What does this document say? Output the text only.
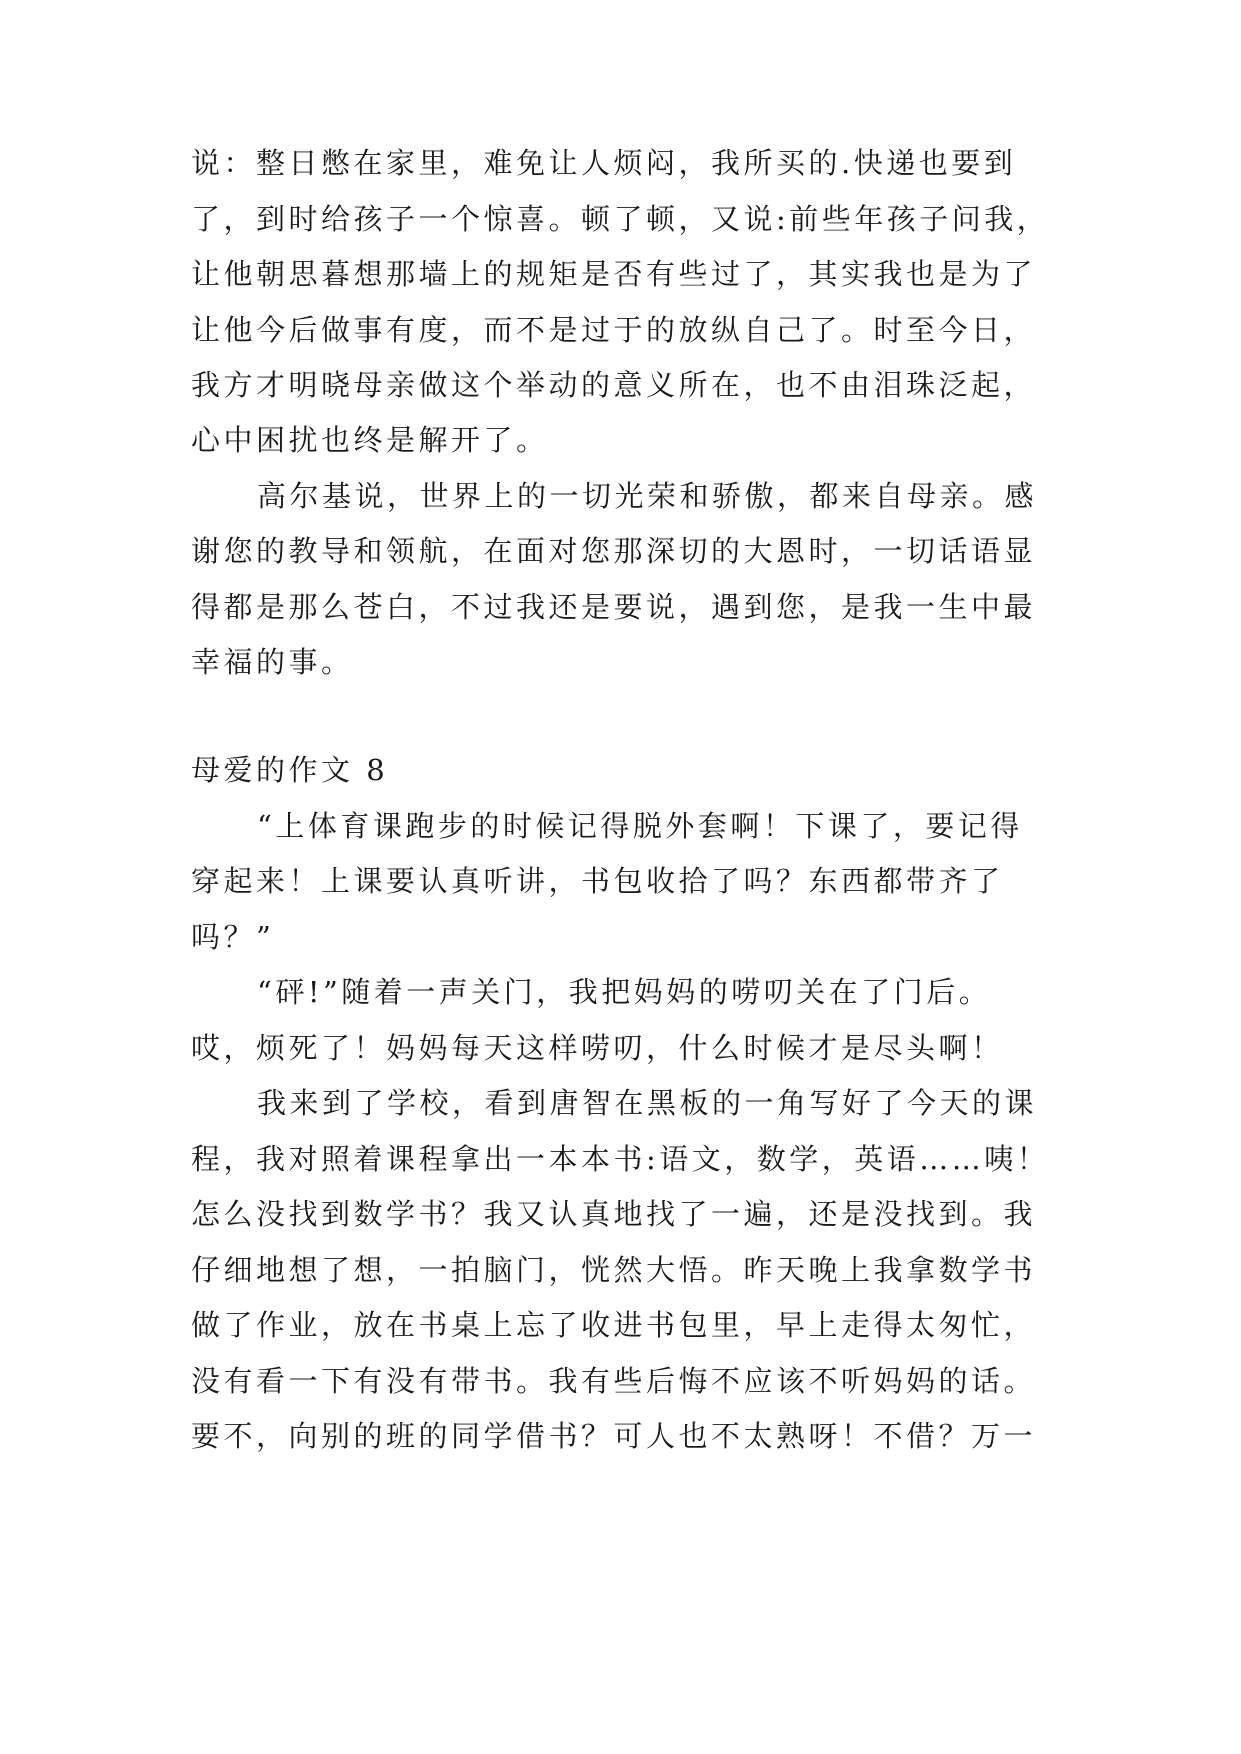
说：整日憋在家里，难免让人烦闷，我所买的.快递也要到
了，到时给孩子一个惊喜。顿了顿，又说:前些年孩子问我，
让他朝思暮想那墙上的规矩是否有些过了，其实我也是为了
让他今后做事有度，而不是过于的放纵自己了。时至今日，
我方才明晓母亲做这个举动的意义所在，也不由泪珠泛起，
心中困扰也终是解开了。
高尔基说，世界上的一切光荣和骄傲，都来自母亲。感
谢您的教导和领航，在面对您那深切的大恩时，一切话语显
得都是那么苍白，不过我还是要说，遇到您，是我一生中最
幸福的事。
母爱的作文 8
“上体育课跑步的时候记得脱外套啊！下课了，要记得
穿起来！上课要认真听讲，书包收拾了吗？东西都带齐了
吗？”
“砰!”随着一声关门，我把妈妈的唠叨关在了门后。
哎，烦死了！妈妈每天这样唠叨，什么时候才是尽头啊！
我来到了学校，看到唐智在黑板的一角写好了今天的课
程，我对照着课程拿出一本本书:语文，数学，英语……咦！
怎么没找到数学书？我又认真地找了一遍，还是没找到。我
仔细地想了想，一拍脑门，恍然大悟。昨天晚上我拿数学书
做了作业，放在书桌上忘了收进书包里，早上走得太匆忙，
没有看一下有没有带书。我有些后悔不应该不听妈妈的话。
要不，向别的班的同学借书？可人也不太熟呀！不借？万一
